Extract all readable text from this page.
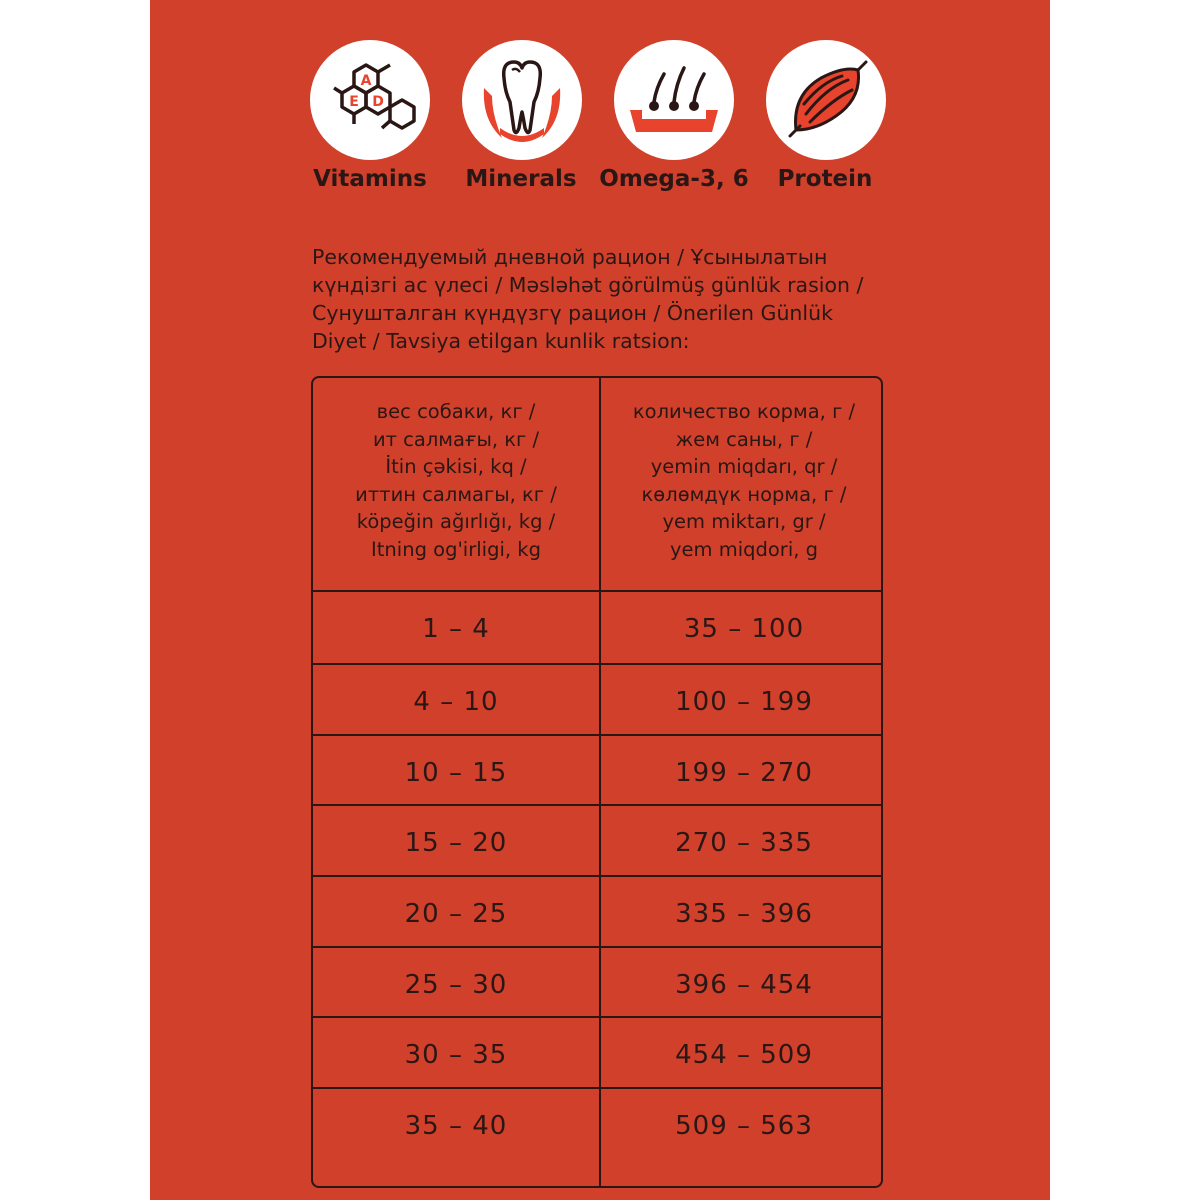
A
E D
Vitamins	Minerals Omega-3, 6	Protein
Рекомендуемый дневной рацион / Ұсынылатын
күндізгі ас үлесі / Məsləhət görülmüş günlük rasion /
Сунушталган күндүзгү рацион / Önerilen Günlük
Diyet / Tavsiya etilgan kunlik ratsion:
вес собаки, кг /
ит салмағы, кг /
İtin çəkisi, kq /
иттин салмагы, кг /
köpeğin ağırlığı, kg /
Itning og'irligi, kg
количество корма, г /
жем саны, г /
yemin miqdarı, qr /
көлөмдүк норма, г /
yem miktarı, gr /
yem miqdori, g
1 – 4	35 – 100
4 – 10	100 – 199
10 – 15	199 – 270
15 – 20	270 – 335
20 – 25	335 – 396
25 – 30	396 – 454
30 – 35	454 – 509
35 – 40	509 – 563
